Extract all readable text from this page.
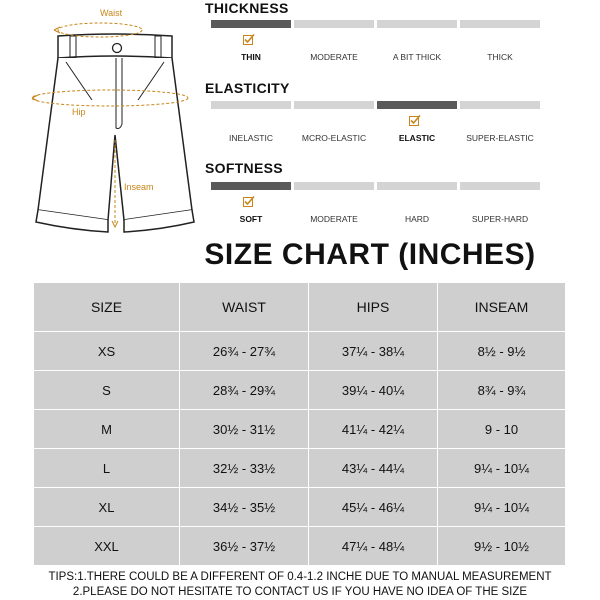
Waist
Hip
Inseam
THICKNESS
THIN	MODERATE	A BIT THICK	THICK
ELASTICITY
INELASTIC	MCRO-ELASTIC	ELASTIC	SUPER-ELASTIC
SOFTNESS
SOFT	MODERATE	HARD	SUPER-HARD
SIZE CHART (INCHES)
SIZE	WAIST	HIPS	INSEAM
XS	26¾ - 27¾	37¼ - 38¼	8½ - 9½
S	28¾ - 29¾	39¼ - 40¼	8¾ - 9¾
M	30½ - 31½	41¼ - 42¼	9 - 10
L	32½ - 33½	43¼ - 44¼	9¼ - 10¼
XL	34½ - 35½	45¼ - 46¼	9¼ - 10¼
XXL	36½ - 37½	47¼ - 48¼	9½ - 10½
TIPS:1.THERE COULD BE A DIFFERENT OF 0.4-1.2 INCHE DUE TO MANUAL MEASUREMENT
2.PLEASE DO NOT HESITATE TO CONTACT US IF YOU HAVE NO IDEA OF THE SIZE
